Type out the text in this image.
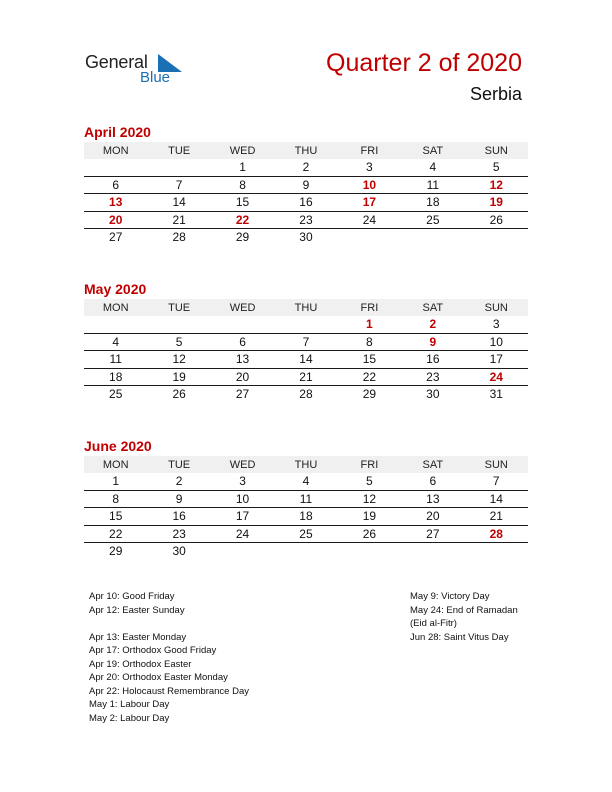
General
Blue
Quarter 2 of 2020
Serbia
April 2020
MON	TUE	WED	THU	FRI	SAT	SUN
		1	2	3	4	5
6	7	8	9	10	11	12
13	14	15	16	17	18	19
20	21	22	23	24	25	26
27	28	29	30			
May 2020
MON	TUE	WED	THU	FRI	SAT	SUN
				1	2	3
4	5	6	7	8	9	10
11	12	13	14	15	16	17
18	19	20	21	22	23	24
25	26	27	28	29	30	31
June 2020
MON	TUE	WED	THU	FRI	SAT	SUN
1	2	3	4	5	6	7
8	9	10	11	12	13	14
15	16	17	18	19	20	21
22	23	24	25	26	27	28
29	30					
Apr 10: Good Friday
Apr 12: Easter Sunday
Apr 13: Easter Monday
Apr 17: Orthodox Good Friday
Apr 19: Orthodox Easter
Apr 20: Orthodox Easter Monday
Apr 22: Holocaust Remembrance Day
May 1: Labour Day
May 2: Labour Day
May 9: Victory Day
May 24: End of Ramadan
(Eid al-Fitr)
Jun 28: Saint Vitus Day
